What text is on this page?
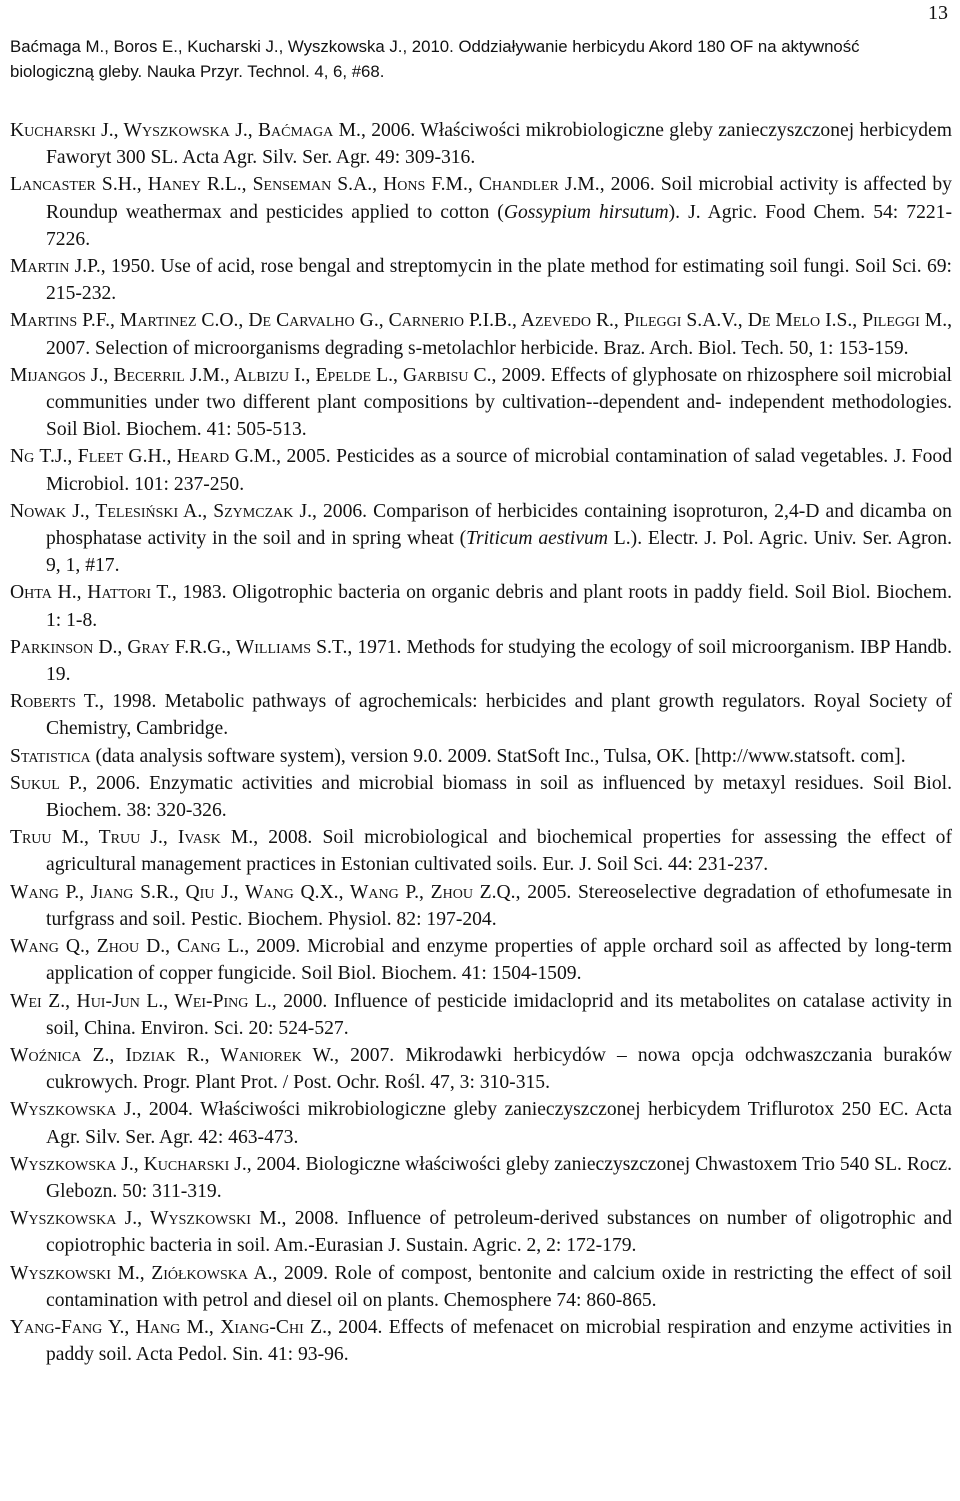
13
Baćmaga M., Boros E., Kucharski J., Wyszkowska J., 2010. Oddziaływanie herbicydu Akord 180 OF na aktywność biologiczną gleby. Nauka Przyr. Technol. 4, 6, #68.

Kucharski J., Wyszkowska J., Baćmaga M., 2006. Właściwości mikrobiologiczne gleby zanieczyszczonej herbicydem Faworyt 300 SL. Acta Agr. Silv. Ser. Agr. 49: 309-316.

Lancaster S.H., Haney R.L., Senseman S.A., Hons F.M., Chandler J.M., 2006. Soil microbial activity is affected by Roundup weathermax and pesticides applied to cotton (Gossypium hirsutum). J. Agric. Food Chem. 54: 7221-7226.

Martin J.P., 1950. Use of acid, rose bengal and streptomycin in the plate method for estimating soil fungi. Soil Sci. 69: 215-232.

Martins P.F., Martinez C.O., De Carvalho G., Carnerio P.I.B., Azevedo R., Pileggi S.A.V., De Melo I.S., Pileggi M., 2007. Selection of microorganisms degrading s-metolachlor herbicide. Braz. Arch. Biol. Tech. 50, 1: 153-159.

Mijangos J., Becerril J.M., Albizu I., Epelde L., Garbisu C., 2009. Effects of glyphosate on rhizosphere soil microbial communities under two different plant compositions by cultivation--dependent and- independent methodologies. Soil Biol. Biochem. 41: 505-513.

Ng T.J., Fleet G.H., Heard G.M., 2005. Pesticides as a source of microbial contamination of salad vegetables. J. Food Microbiol. 101: 237-250.

Nowak J., Telesiński A., Szymczak J., 2006. Comparison of herbicides containing isoproturon, 2,4-D and dicamba on phosphatase activity in the soil and in spring wheat (Triticum aestivum L.). Electr. J. Pol. Agric. Univ. Ser. Agron. 9, 1, #17.

Ohta H., Hattori T., 1983. Oligotrophic bacteria on organic debris and plant roots in paddy field. Soil Biol. Biochem. 1: 1-8.

Parkinson D., Gray F.R.G., Williams S.T., 1971. Methods for studying the ecology of soil microorganism. IBP Handb. 19.

Roberts T., 1998. Metabolic pathways of agrochemicals: herbicides and plant growth regulators. Royal Society of Chemistry, Cambridge.

Statistica (data analysis software system), version 9.0. 2009. StatSoft Inc., Tulsa, OK. [http://www.statsoft. com].

Sukul P., 2006. Enzymatic activities and microbial biomass in soil as influenced by metaxyl residues. Soil Biol. Biochem. 38: 320-326.

Truu M., Truu J., Ivask M., 2008. Soil microbiological and biochemical properties for assessing the effect of agricultural management practices in Estonian cultivated soils. Eur. J. Soil Sci. 44: 231-237.

Wang P., Jiang S.R., Qiu J., Wang Q.X., Wang P., Zhou Z.Q., 2005. Stereoselective degradation of ethofumesate in turfgrass and soil. Pestic. Biochem. Physiol. 82: 197-204.

Wang Q., Zhou D., Cang L., 2009. Microbial and enzyme properties of apple orchard soil as affected by long-term application of copper fungicide. Soil Biol. Biochem. 41: 1504-1509.

Wei Z., Hui-Jun L., Wei-Ping L., 2000. Influence of pesticide imidacloprid and its metabolites on catalase activity in soil, China. Environ. Sci. 20: 524-527.

Woźnica Z., Idziak R., Waniorek W., 2007. Mikrodawki herbicydów – nowa opcja odchwaszczania buraków cukrowych. Progr. Plant Prot. / Post. Ochr. Rośl. 47, 3: 310-315.

Wyszkowska J., 2004. Właściwości mikrobiologiczne gleby zanieczyszczonej herbicydem Triflurotox 250 EC. Acta Agr. Silv. Ser. Agr. 42: 463-473.

Wyszkowska J., Kucharski J., 2004. Biologiczne właściwości gleby zanieczyszczonej Chwastoxem Trio 540 SL. Rocz. Glebozn. 50: 311-319.

Wyszkowska J., Wyszkowski M., 2008. Influence of petroleum-derived substances on number of oligotrophic and copiotrophic bacteria in soil. Am.-Eurasian J. Sustain. Agric. 2, 2: 172-179.

Wyszkowski M., Ziółkowska A., 2009. Role of compost, bentonite and calcium oxide in restricting the effect of soil contamination with petrol and diesel oil on plants. Chemosphere 74: 860-865.

Yang-Fang Y., Hang M., Xiang-Chi Z., 2004. Effects of mefenacet on microbial respiration and enzyme activities in paddy soil. Acta Pedol. Sin. 41: 93-96.
